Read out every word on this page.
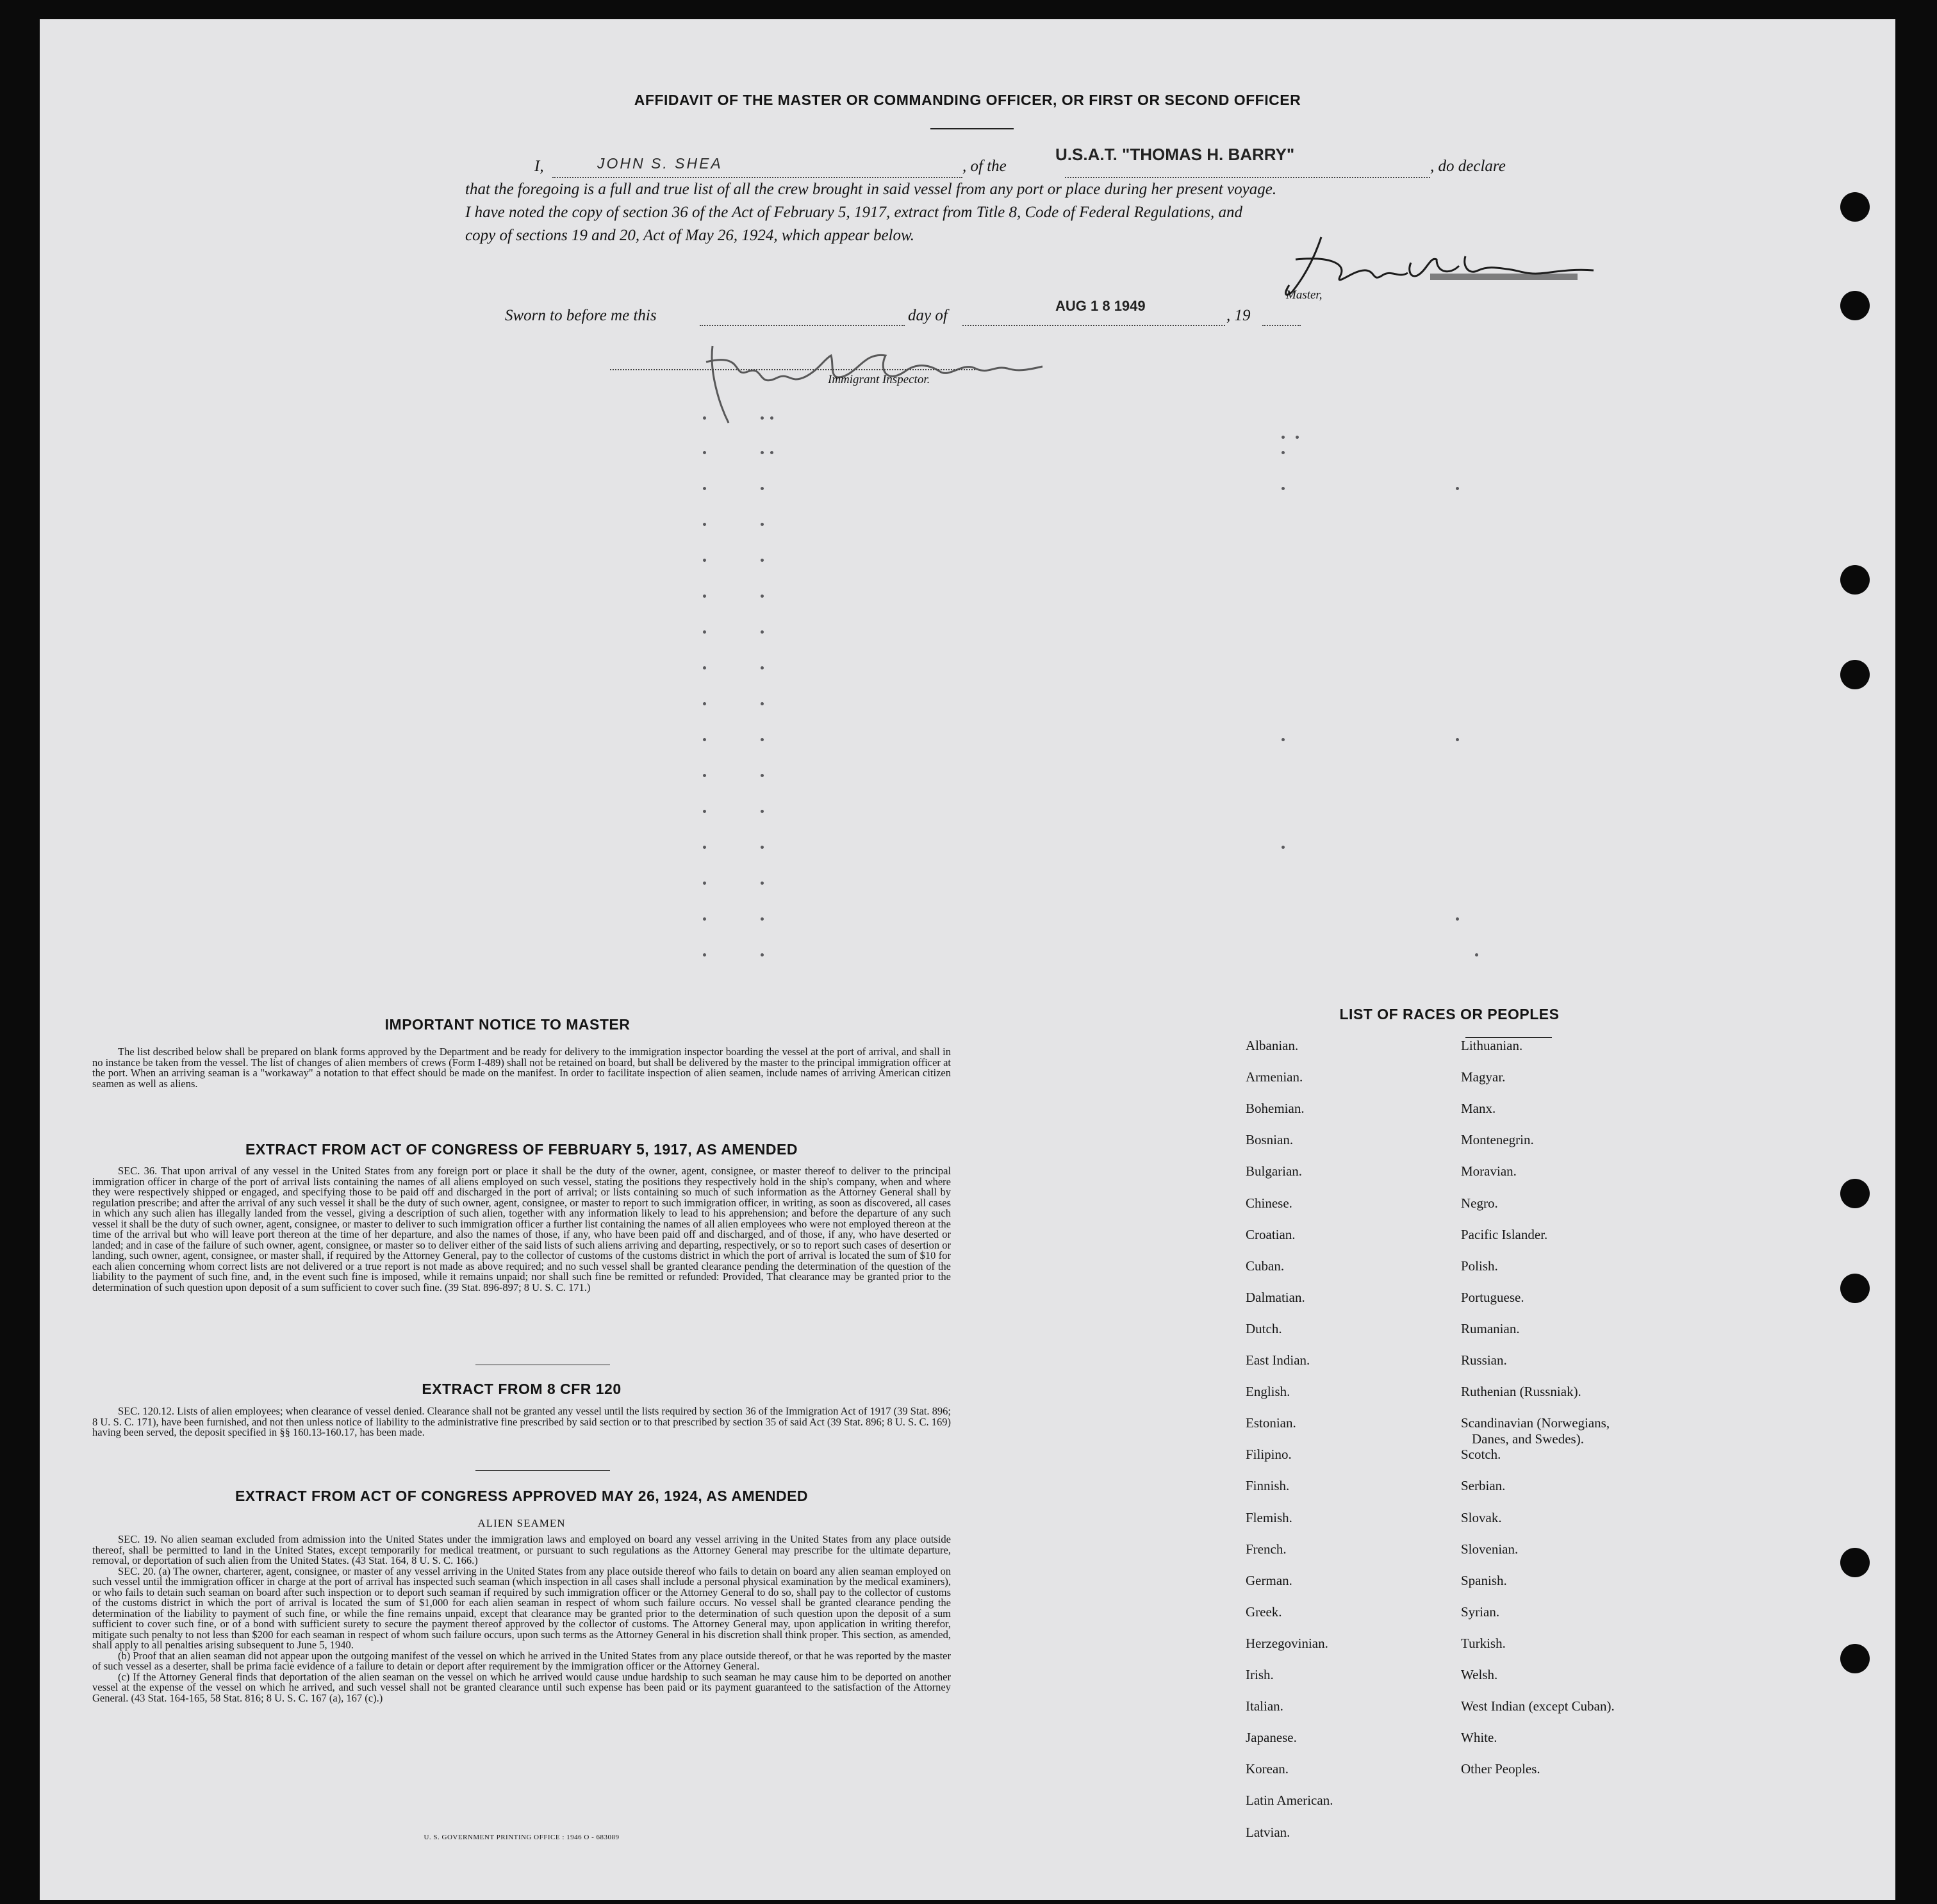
AFFIDAVIT OF THE MASTER OR COMMANDING OFFICER, OR FIRST OR SECOND OFFICER
I,	JOHN S. SHEA	, of the
U.S.A.T. "THOMAS H. BARRY"
, do declare
that the foregoing is a full and true list of all the crew brought in said vessel from any port or place during her present voyage.
I have noted the copy of section 36 of the Act of February 5, 1917, extract from Title 8, Code of Federal Regulations, and
copy of sections 19 and 20, Act of May 26, 1924, which appear below.
Master,
Sworn to before me this	day of
AUG 1 8 1949
, 19
Immigrant Inspector.
IMPORTANT NOTICE TO MASTER

The list described below shall be prepared on blank forms approved by the Department and be ready for delivery to the immigration inspector boarding the vessel at the port of arrival, and shall in no instance be taken from the vessel. The list of changes of alien members of crews (Form I-489) shall not be retained on board, but shall be delivered by the master to the principal immigration officer at the port. When an arriving seaman is a "workaway" a notation to that effect should be made on the manifest. In order to facilitate inspection of alien seamen, include names of arriving American citizen seamen as well as aliens.

EXTRACT FROM ACT OF CONGRESS OF FEBRUARY 5, 1917, AS AMENDED

SEC. 36. That upon arrival of any vessel in the United States from any foreign port or place it shall be the duty of the owner, agent, consignee, or master thereof to deliver to the principal immigration officer in charge of the port of arrival lists containing the names of all aliens employed on such vessel, stating the positions they respectively hold in the ship's company, when and where they were respectively shipped or engaged, and specifying those to be paid off and discharged in the port of arrival; or lists containing so much of such information as the Attorney General shall by regulation prescribe; and after the arrival of any such vessel it shall be the duty of such owner, agent, consignee, or master to report to such immigration officer, in writing, as soon as discovered, all cases in which any such alien has illegally landed from the vessel, giving a description of such alien, together with any information likely to lead to his apprehension; and before the departure of any such vessel it shall be the duty of such owner, agent, consignee, or master to deliver to such immigration officer a further list containing the names of all alien employees who were not employed thereon at the time of the arrival but who will leave port thereon at the time of her departure, and also the names of those, if any, who have been paid off and discharged, and of those, if any, who have deserted or landed; and in case of the failure of such owner, agent, consignee, or master so to deliver either of the said lists of such aliens arriving and departing, respectively, or so to report such cases of desertion or landing, such owner, agent, consignee, or master shall, if required by the Attorney General, pay to the collector of customs of the customs district in which the port of arrival is located the sum of $10 for each alien concerning whom correct lists are not delivered or a true report is not made as above required; and no such vessel shall be granted clearance pending the determination of the question of the liability to the payment of such fine, and, in the event such fine is imposed, while it remains unpaid; nor shall such fine be remitted or refunded: Provided, That clearance may be granted prior to the determination of such question upon deposit of a sum sufficient to cover such fine. (39 Stat. 896-897; 8 U. S. C. 171.)

EXTRACT FROM 8 CFR 120

SEC. 120.12. Lists of alien employees; when clearance of vessel denied. Clearance shall not be granted any vessel until the lists required by section 36 of the Immigration Act of 1917 (39 Stat. 896; 8 U. S. C. 171), have been furnished, and not then unless notice of liability to the administrative fine prescribed by said section or to that prescribed by section 35 of said Act (39 Stat. 896; 8 U. S. C. 169) having been served, the deposit specified in §§ 160.13-160.17, has been made.

EXTRACT FROM ACT OF CONGRESS APPROVED MAY 26, 1924, AS AMENDED
ALIEN SEAMEN

SEC. 19. No alien seaman excluded from admission into the United States under the immigration laws and employed on board any vessel arriving in the United States from any place outside thereof, shall be permitted to land in the United States, except temporarily for medical treatment, or pursuant to such regulations as the Attorney General may prescribe for the ultimate departure, removal, or deportation of such alien from the United States. (43 Stat. 164, 8 U. S. C. 166.)

SEC. 20. (a) The owner, charterer, agent, consignee, or master of any vessel arriving in the United States from any place outside thereof who fails to detain on board any alien seaman employed on such vessel until the immigration officer in charge at the port of arrival has inspected such seaman (which inspection in all cases shall include a personal physical examination by the medical examiners), or who fails to detain such seaman on board after such inspection or to deport such seaman if required by such immigration officer or the Attorney General to do so, shall pay to the collector of customs of the customs district in which the port of arrival is located the sum of $1,000 for each alien seaman in respect of whom such failure occurs. No vessel shall be granted clearance pending the determination of the liability to payment of such fine, or while the fine remains unpaid, except that clearance may be granted prior to the determination of such question upon the deposit of a sum sufficient to cover such fine, or of a bond with sufficient surety to secure the payment thereof approved by the collector of customs. The Attorney General may, upon application in writing therefor, mitigate such penalty to not less than $200 for each seaman in respect of whom such failure occurs, upon such terms as the Attorney General in his discretion shall think proper. This section, as amended, shall apply to all penalties arising subsequent to June 5, 1940.

(b) Proof that an alien seaman did not appear upon the outgoing manifest of the vessel on which he arrived in the United States from any place outside thereof, or that he was reported by the master of such vessel as a deserter, shall be prima facie evidence of a failure to detain or deport after requirement by the immigration officer or the Attorney General.

(c) If the Attorney General finds that deportation of the alien seaman on the vessel on which he arrived would cause undue hardship to such seaman he may cause him to be deported on another vessel at the expense of the vessel on which he arrived, and such vessel shall not be granted clearance until such expense has been paid or its payment guaranteed to the satisfaction of the Attorney General. (43 Stat. 164-165, 58 Stat. 816; 8 U. S. C. 167 (a), 167 (c).)

U. S. GOVERNMENT PRINTING OFFICE : 1946 O - 683089
LIST OF RACES OR PEOPLES
Albanian.
Armenian.
Bohemian.
Bosnian.
Bulgarian.
Chinese.
Croatian.
Cuban.
Dalmatian.
Dutch.
East Indian.
English.
Estonian.
Filipino.
Finnish.
Flemish.
French.
German.
Greek.
Herzegovinian.
Irish.
Italian.
Japanese.
Korean.
Latin American.
Latvian.
Lithuanian.
Magyar.
Manx.
Montenegrin.
Moravian.
Negro.
Pacific Islander.
Polish.
Portuguese.
Rumanian.
Russian.
Ruthenian (Russniak).
Scandinavian (Norwegians,
Danes, and Swedes).
Scotch.
Serbian.
Slovak.
Slovenian.
Spanish.
Syrian.
Turkish.
Welsh.
West Indian (except Cuban).
White.
Other Peoples.
